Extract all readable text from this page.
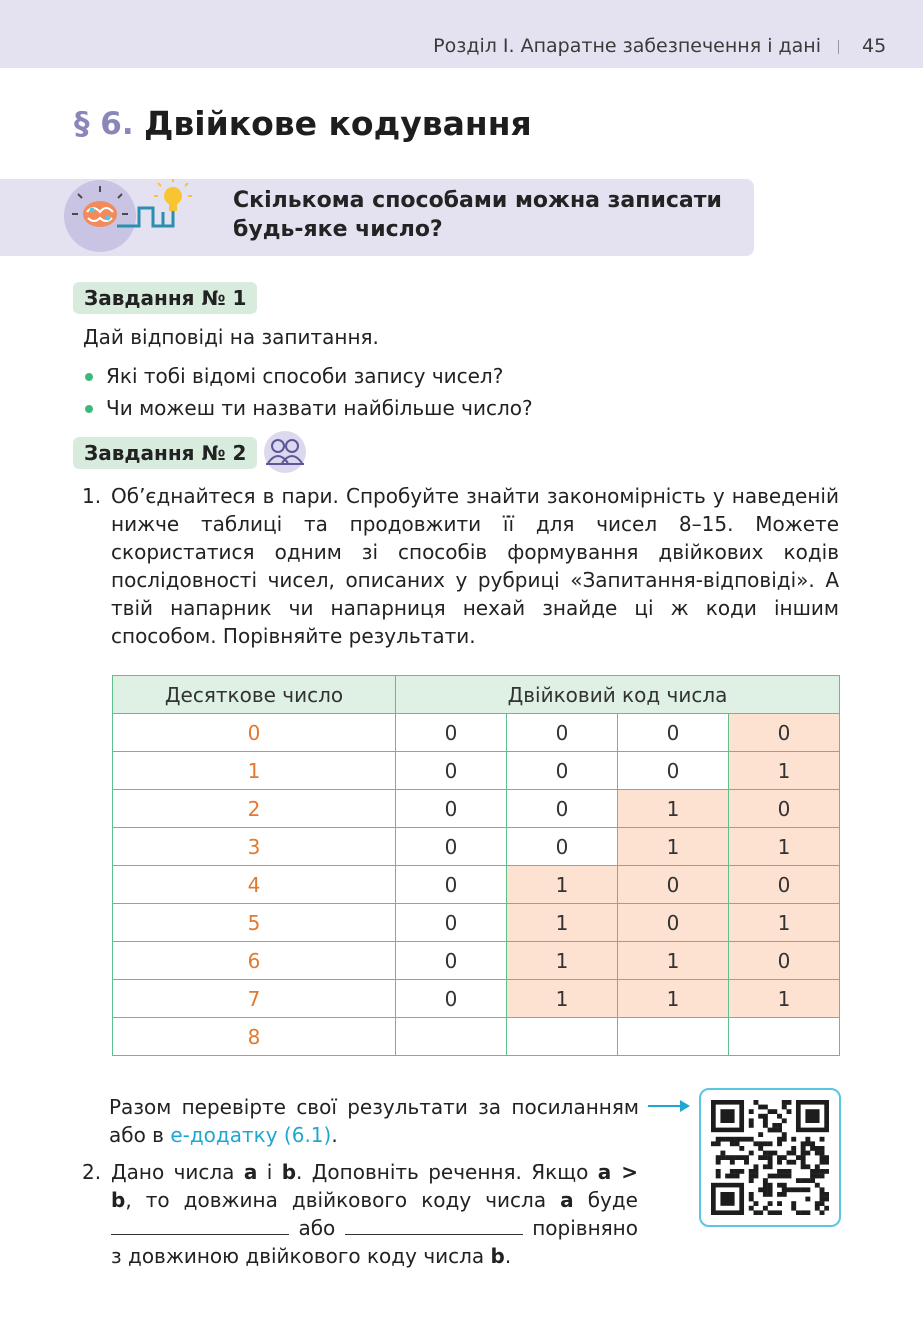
Розділ І. Апаратне забезпечення і дані 45
§ 6. Двійкове кодування
Скількома способами можна записати
будь-яке число?
Завдання № 1
Дай відповіді на запитання.
Які тобі відомі способи запису чисел?
Чи можеш ти назвати найбільше число?
Завдання № 2
1. Об’єднайтеся в пари. Спробуйте знайти закономірність у наведеній нижче таблиці та продовжити її для чисел 8–15. Можете скористатися одним зі способів формування двійкових кодів послідовності чисел, описаних у рубриці «Запитання-відповіді». А твій напарник чи напарниця нехай знайде ці ж коди іншим способом. Порівняйте результати.
Десяткове число	Двійковий код числа			
0	0	0	0	0
1	0	0	0	1
2	0	0	1	0
3	0	0	1	1
4	0	1	0	0
5	0	1	0	1
6	0	1	1	0
7	0	1	1	1
8				
Разом перевірте свої результати за посиланням або в е-додатку (6.1).
2. Дано числа a і b. Доповніть речення. Якщо a > b, то довжина двійкового коду числа a буде  або	порівняно з довжиною двійкового коду числа b.
